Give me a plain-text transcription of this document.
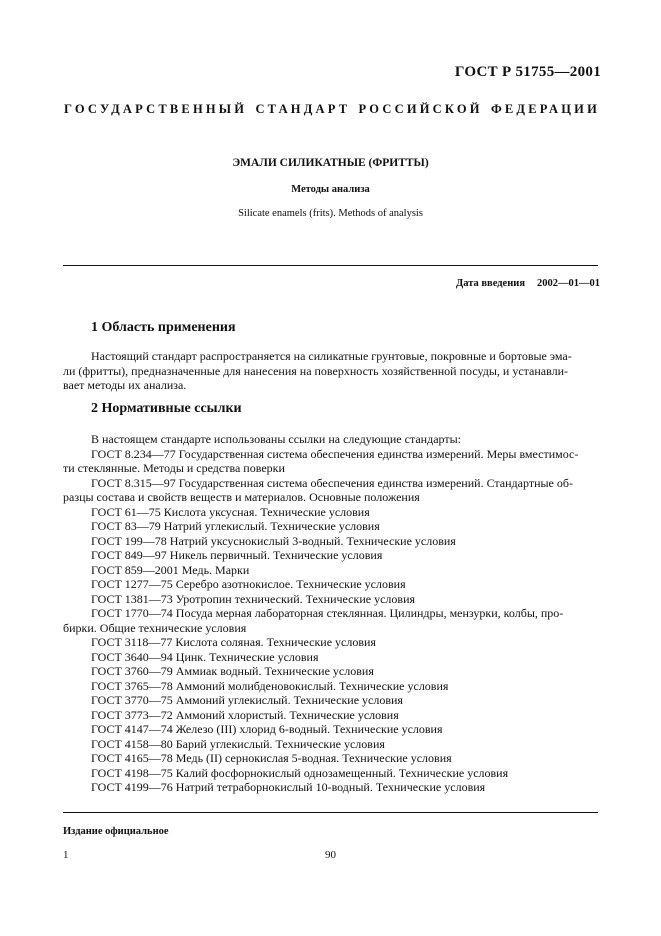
ГОСТ Р 51755—2001
ГОСУДАРСТВЕННЫЙ СТАНДАРТ РОССИЙСКОЙ ФЕДЕРАЦИИ
ЭМАЛИ СИЛИКАТНЫЕ (ФРИТТЫ)
Методы анализа
Silicate enamels (frits). Methods of analysis
Дата введения 2002—01—01
1 Область применения
Настоящий стандарт распространяется на силикатные грунтовые, покровные и бортовые эма-
ли (фритты), предназначенные для нанесения на поверхность хозяйственной посуды, и устанавли-
вает методы их анализа.
2 Нормативные ссылки
В настоящем стандарте использованы ссылки на следующие стандарты:
ГОСТ 8.234—77 Государственная система обеспечения единства измерений. Меры вместимос-
ти стеклянные. Методы и средства поверки
ГОСТ 8.315—97 Государственная система обеспечения единства измерений. Стандартные об-
разцы состава и свойств веществ и материалов. Основные положения
ГОСТ 61—75 Кислота уксусная. Технические условия
ГОСТ 83—79 Натрий углекислый. Технические условия
ГОСТ 199—78 Натрий уксуснокислый 3-водный. Технические условия
ГОСТ 849—97 Никель первичный. Технические условия
ГОСТ 859—2001 Медь. Марки
ГОСТ 1277—75 Серебро азотнокислое. Технические условия
ГОСТ 1381—73 Уротропин технический. Технические условия
ГОСТ 1770—74 Посуда мерная лабораторная стеклянная. Цилиндры, мензурки, колбы, про-
бирки. Общие технические условия
ГОСТ 3118—77 Кислота соляная. Технические условия
ГОСТ 3640—94 Цинк. Технические условия
ГОСТ 3760—79 Аммиак водный. Технические условия
ГОСТ 3765—78 Аммоний молибденовокислый. Технические условия
ГОСТ 3770—75 Аммоний углекислый. Технические условия
ГОСТ 3773—72 Аммоний хлористый. Технические условия
ГОСТ 4147—74 Железо (III) хлорид 6-водный. Технические условия
ГОСТ 4158—80 Барий углекислый. Технические условия
ГОСТ 4165—78 Медь (II) сернокислая 5-водная. Технические условия
ГОСТ 4198—75 Калий фосфорнокислый однозамещенный. Технические условия
ГОСТ 4199—76 Натрий тетраборнокислый 10-водный. Технические условия
Издание официальное
1	90
